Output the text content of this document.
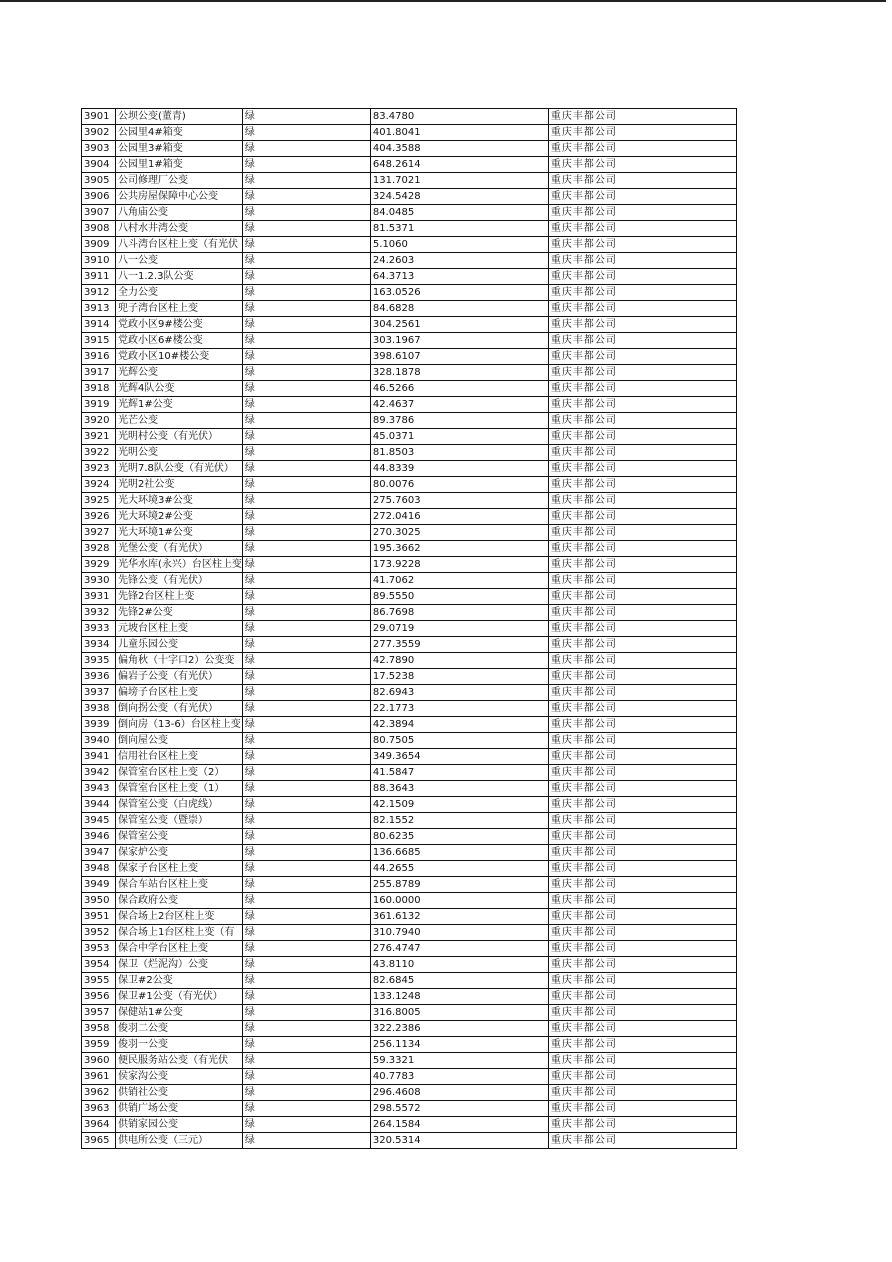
3901	公坝公变(董青)	绿	83.4780	重庆丰都公司
3902	公园里4#箱变	绿	401.8041	重庆丰都公司
3903	公园里3#箱变	绿	404.3588	重庆丰都公司
3904	公园里1#箱变	绿	648.2614	重庆丰都公司
3905	公司修理厂公变	绿	131.7021	重庆丰都公司
3906	公共房屋保障中心公变	绿	324.5428	重庆丰都公司
3907	八角庙公变	绿	84.0485	重庆丰都公司
3908	八村水井湾公变	绿	81.5371	重庆丰都公司
3909	八斗湾台区柱上变（有光伏	绿	5.1060	重庆丰都公司
3910	八一公变	绿	24.2603	重庆丰都公司
3911	八一1.2.3队公变	绿	64.3713	重庆丰都公司
3912	全力公变	绿	163.0526	重庆丰都公司
3913	兜子湾台区柱上变	绿	84.6828	重庆丰都公司
3914	党政小区9#楼公变	绿	304.2561	重庆丰都公司
3915	党政小区6#楼公变	绿	303.1967	重庆丰都公司
3916	党政小区10#楼公变	绿	398.6107	重庆丰都公司
3917	光辉公变	绿	328.1878	重庆丰都公司
3918	光辉4队公变	绿	46.5266	重庆丰都公司
3919	光辉1#公变	绿	42.4637	重庆丰都公司
3920	光芒公变	绿	89.3786	重庆丰都公司
3921	光明村公变（有光伏）	绿	45.0371	重庆丰都公司
3922	光明公变	绿	81.8503	重庆丰都公司
3923	光明7.8队公变（有光伏）	绿	44.8339	重庆丰都公司
3924	光明2社公变	绿	80.0076	重庆丰都公司
3925	光大环境3#公变	绿	275.7603	重庆丰都公司
3926	光大环境2#公变	绿	272.0416	重庆丰都公司
3927	光大环境1#公变	绿	270.3025	重庆丰都公司
3928	光堡公变（有光伏）	绿	195.3662	重庆丰都公司
3929	光华水库(永兴）台区柱上变	绿	173.9228	重庆丰都公司
3930	先锋公变（有光伏）	绿	41.7062	重庆丰都公司
3931	先锋2台区柱上变	绿	89.5550	重庆丰都公司
3932	先锋2#公变	绿	86.7698	重庆丰都公司
3933	元坡台区柱上变	绿	29.0719	重庆丰都公司
3934	儿童乐园公变	绿	277.3559	重庆丰都公司
3935	偏角秋（十字口2）公变变	绿	42.7890	重庆丰都公司
3936	偏岩子公变（有光伏）	绿	17.5238	重庆丰都公司
3937	偏塝子台区柱上变	绿	82.6943	重庆丰都公司
3938	倒向拐公变（有光伏）	绿	22.1773	重庆丰都公司
3939	倒向房（13-6）台区柱上变	绿	42.3894	重庆丰都公司
3940	倒向屋公变	绿	80.7505	重庆丰都公司
3941	信用社台区柱上变	绿	349.3654	重庆丰都公司
3942	保管室台区柱上变（2）	绿	41.5847	重庆丰都公司
3943	保管室台区柱上变（1）	绿	88.3643	重庆丰都公司
3944	保管室公变（白虎线）	绿	42.1509	重庆丰都公司
3945	保管室公变（暨崇）	绿	82.1552	重庆丰都公司
3946	保管室公变	绿	80.6235	重庆丰都公司
3947	保家炉公变	绿	136.6685	重庆丰都公司
3948	保家子台区柱上变	绿	44.2655	重庆丰都公司
3949	保合车站台区柱上变	绿	255.8789	重庆丰都公司
3950	保合政府公变	绿	160.0000	重庆丰都公司
3951	保合场上2台区柱上变	绿	361.6132	重庆丰都公司
3952	保合场上1台区柱上变（有	绿	310.7940	重庆丰都公司
3953	保合中学台区柱上变	绿	276.4747	重庆丰都公司
3954	保卫（烂泥沟）公变	绿	43.8110	重庆丰都公司
3955	保卫#2公变	绿	82.6845	重庆丰都公司
3956	保卫#1公变（有光伏）	绿	133.1248	重庆丰都公司
3957	保健站1#公变	绿	316.8005	重庆丰都公司
3958	俊羽二公变	绿	322.2386	重庆丰都公司
3959	俊羽一公变	绿	256.1134	重庆丰都公司
3960	便民服务站公变（有光伏	绿	59.3321	重庆丰都公司
3961	侯家沟公变	绿	40.7783	重庆丰都公司
3962	供销社公变	绿	296.4608	重庆丰都公司
3963	供销广场公变	绿	298.5572	重庆丰都公司
3964	供销家园公变	绿	264.1584	重庆丰都公司
3965	供电所公变（三元）	绿	320.5314	重庆丰都公司
